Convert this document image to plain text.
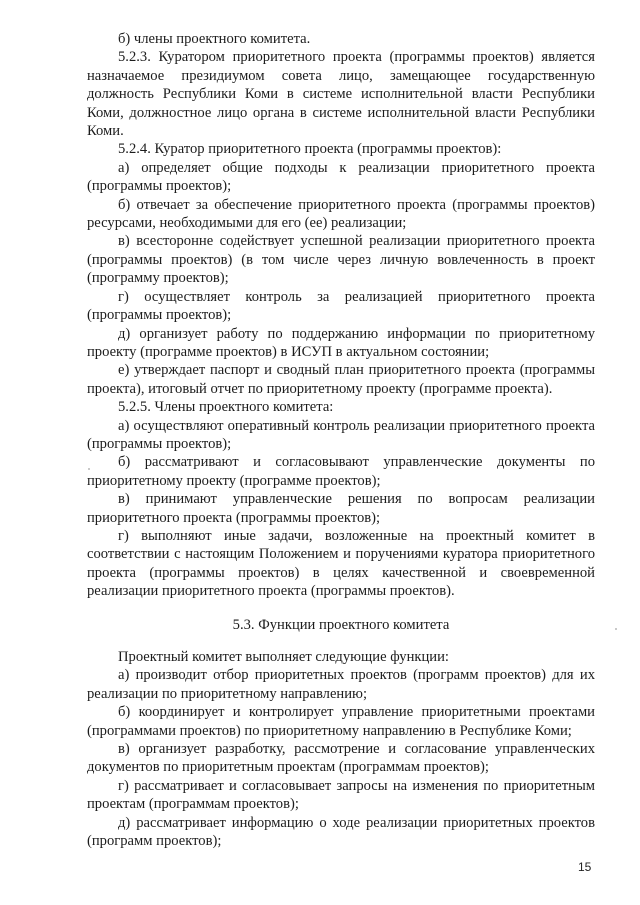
б) члены проектного комитета.

5.2.3. Куратором приоритетного проекта (программы проектов) является назначаемое президиумом совета лицо, замещающее государственную должность Республики Коми в системе исполнительной власти Республики Коми, должностное лицо органа в системе исполнительной власти Республики Коми.

5.2.4. Куратор приоритетного проекта (программы проектов):

а) определяет общие подходы к реализации приоритетного проекта (программы проектов);

б) отвечает за обеспечение приоритетного проекта (программы проектов) ресурсами, необходимыми для его (ее) реализации;

в) всесторонне содействует успешной реализации приоритетного проекта (программы проектов) (в том числе через личную вовлеченность в проект (программу проектов);

г) осуществляет контроль за реализацией приоритетного проекта (программы проектов);

д) организует работу по поддержанию информации по приоритетному проекту (программе проектов) в ИСУП в актуальном состоянии;

е) утверждает паспорт и сводный план приоритетного проекта (программы проекта), итоговый отчет по приоритетному проекту (программе проекта).

5.2.5. Члены проектного комитета:

а) осуществляют оперативный контроль реализации приоритетного проекта (программы проектов);

б) рассматривают и согласовывают управленческие документы по приоритетному проекту (программе проектов);

в) принимают управленческие решения по вопросам реализации приоритетного проекта (программы проектов);

г) выполняют иные задачи, возложенные на проектный комитет в соответствии с настоящим Положением и поручениями куратора приоритетного проекта (программы проектов) в целях качественной и своевременной реализации приоритетного проекта (программы проектов).

5.3. Функции проектного комитета

Проектный комитет выполняет следующие функции:

а) производит отбор приоритетных проектов (программ проектов) для их реализации по приоритетному направлению;

б) координирует и контролирует управление приоритетными проектами (программами проектов) по приоритетному направлению в Республике Коми;

в) организует разработку, рассмотрение и согласование управленческих документов по приоритетным проектам (программам проектов);

г) рассматривает и согласовывает запросы на изменения по приоритетным проектам (программам проектов);

д) рассматривает информацию о ходе реализации приоритетных проектов (программ проектов);

15
